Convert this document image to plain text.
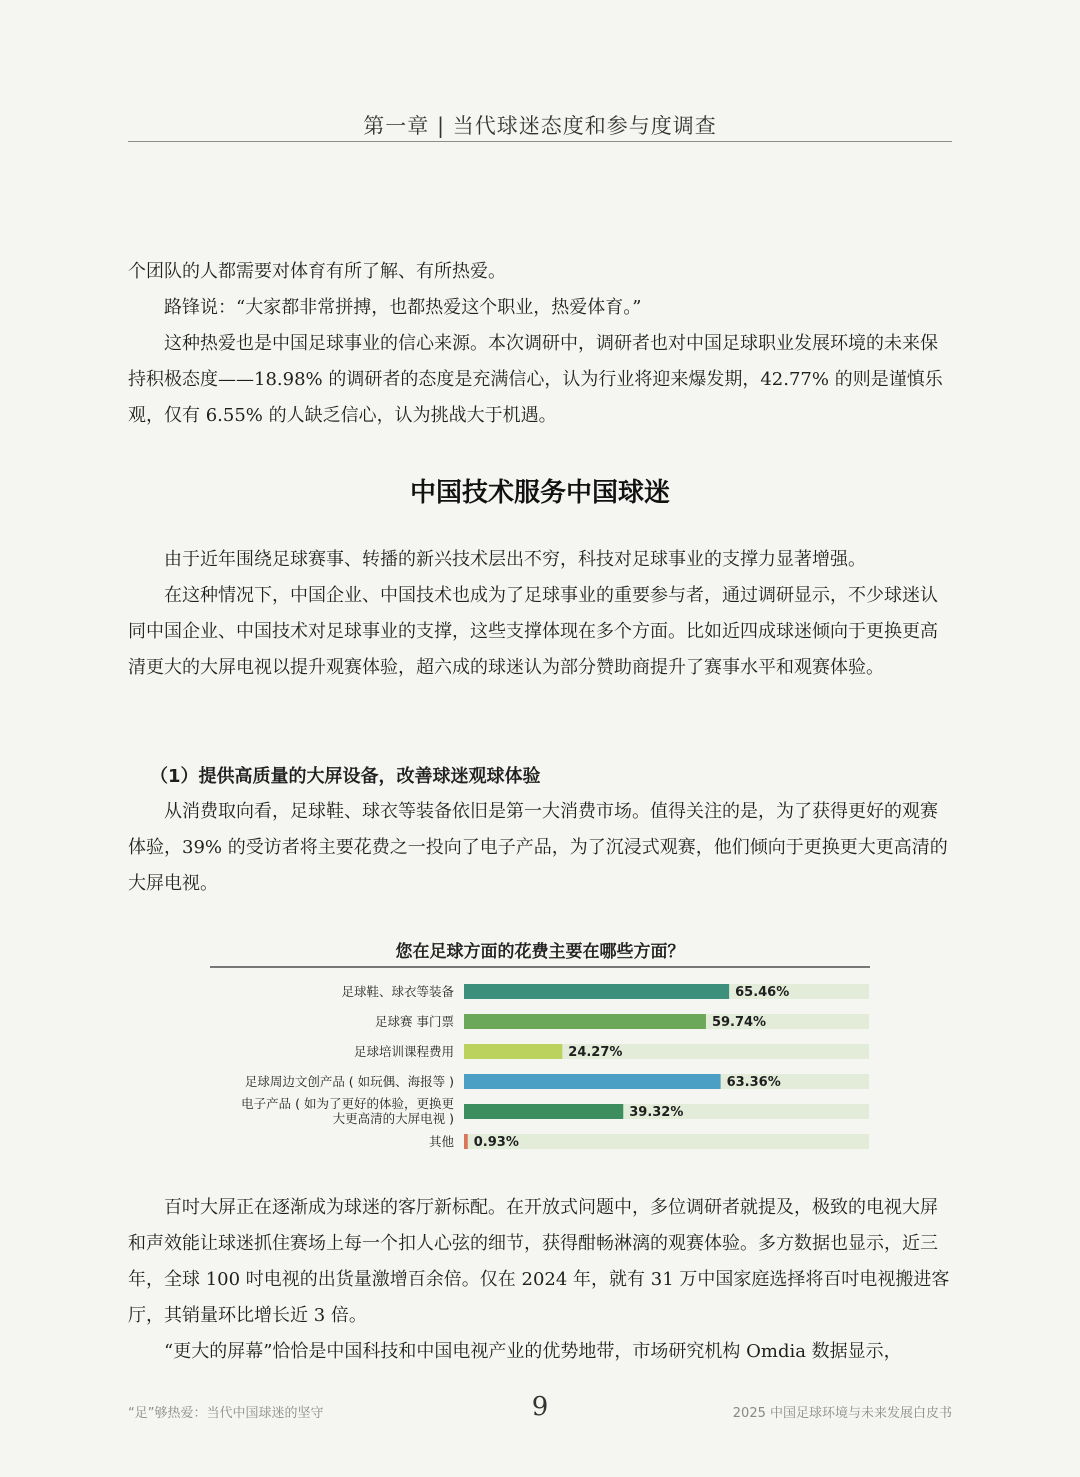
第一章 | 当代球迷态度和参与度调查

个团队的人都需要对体育有所了解、有所热爱。

路锋说：“大家都非常拼搏，也都热爱这个职业，热爱体育。”

这种热爱也是中国足球事业的信心来源。本次调研中，调研者也对中国足球职业发展环境的未来保持积极态度——18.98% 的调研者的态度是充满信心，认为行业将迎来爆发期，42.77% 的则是谨慎乐观，仅有 6.55% 的人缺乏信心，认为挑战大于机遇。

中国技术服务中国球迷

由于近年围绕足球赛事、转播的新兴技术层出不穷，科技对足球事业的支撑力显著增强。

在这种情况下，中国企业、中国技术也成为了足球事业的重要参与者，通过调研显示，不少球迷认同中国企业、中国技术对足球事业的支撑，这些支撑体现在多个方面。比如近四成球迷倾向于更换更高清更大的大屏电视以提升观赛体验，超六成的球迷认为部分赞助商提升了赛事水平和观赛体验。

（1）提供高质量的大屏设备，改善球迷观球体验

从消费取向看，足球鞋、球衣等装备依旧是第一大消费市场。值得关注的是，为了获得更好的观赛体验，39% 的受访者将主要花费之一投向了电子产品，为了沉浸式观赛，他们倾向于更换更大更高清的大屏电视。

您在足球方面的花费主要在哪些方面？
65.46%
足球鞋、球衣等装备
59.74%
足球赛 事门票
24.27%
足球培训课程费用
63.36%
足球周边文创产品 ( 如玩偶、海报等 )
39.32%
电子产品 ( 如为了更好的体验，更换更
大更高清的大屏电视 )
0.93%
其他

百吋大屏正在逐渐成为球迷的客厅新标配。在开放式问题中，多位调研者就提及，极致的电视大屏和声效能让球迷抓住赛场上每一个扣人心弦的细节，获得酣畅淋漓的观赛体验。多方数据也显示，近三年，全球 100 吋电视的出货量激增百余倍。仅在 2024 年，就有 31 万中国家庭选择将百吋电视搬进客厅，其销量环比增长近 3 倍。

“更大的屏幕”恰恰是中国科技和中国电视产业的优势地带，市场研究机构 Omdia 数据显示，

“足”够热爱：当代中国球迷的坚守	9	2025 中国足球环境与未来发展白皮书
